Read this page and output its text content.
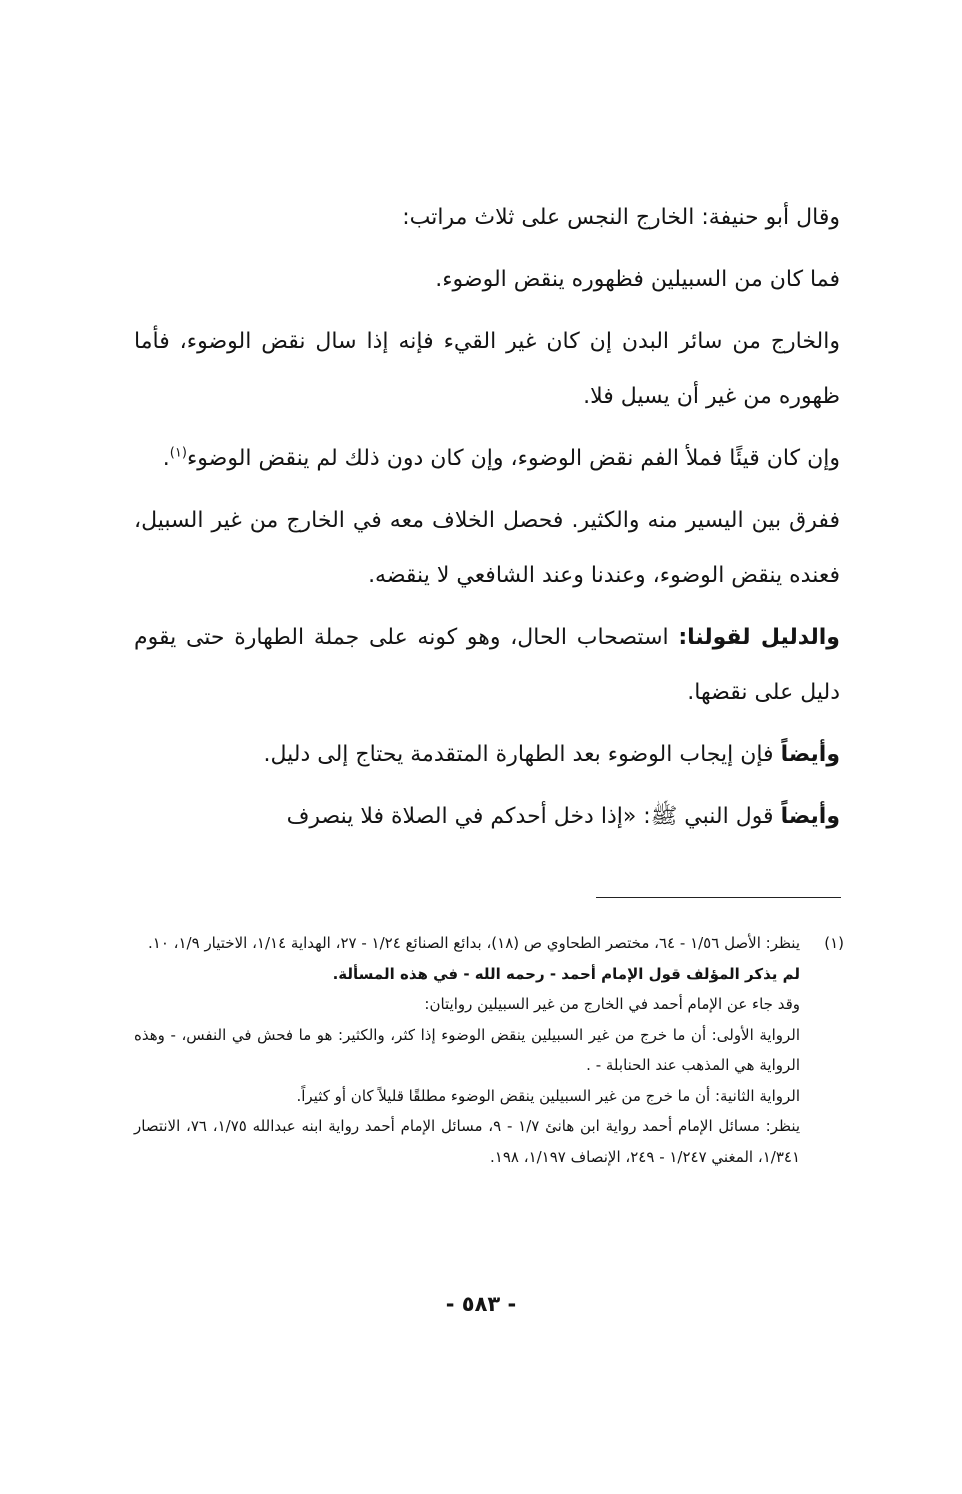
وقال أبو حنيفة: الخارج النجس على ثلاث مراتب:

فما كان من السبيلين فظهوره ينقض الوضوء.

والخارج من سائر البدن إن كان غير القيء فإنه إذا سال نقض الوضوء، فأما ظهوره من غير أن يسيل فلا.

وإن كان قيئًا فملأ الفم نقض الوضوء، وإن كان دون ذلك لم ينقض الوضوء$^{(١)}$.

ففرق بين اليسير منه والكثير. فحصل الخلاف معه في الخارج من غير السبيل، فعنده ينقض الوضوء، وعندنا وعند الشافعي لا ينقضه.

والدليل لقولنا: استصحاب الحال، وهو كونه على جملة الطهارة حتى يقوم دليل على نقضها.

وأيضاً فإن إيجاب الوضوء بعد الطهارة المتقدمة يحتاج إلى دليل.

وأيضاً قول النبي ﷺ: «إذا دخل أحدكم في الصلاة فلا ينصرف

(١)

ينظر: الأصل ١/٥٦ - ٦٤، مختصر الطحاوي ص (١٨)، بدائع الصنائع ١/٢٤ - ٢٧، الهداية ١/١٤، الاختيار ١/٩، ١٠.

لم يذكر المؤلف قول الإمام أحمد - رحمه الله - في هذه المسألة.

وقد جاء عن الإمام أحمد في الخارج من غير السبيلين روايتان:

الرواية الأولى: أن ما خرج من غير السبيلين ينقض الوضوء إذا كثر، والكثير: هو ما فحش في النفس، - وهذه الرواية هي المذهب عند الحنابلة - .

الرواية الثانية: أن ما خرج من غير السبيلين ينقض الوضوء مطلقًا قليلاً كان أو كثيراً.

ينظر: مسائل الإمام أحمد رواية ابن هانئ ١/٧ - ٩، مسائل الإمام أحمد رواية ابنه عبدالله ١/٧٥، ٧٦، الانتصار ١/٣٤١، المغني ١/٢٤٧ - ٢٤٩، الإنصاف ١/١٩٧، ١٩٨.

- ٥٨٣ -
